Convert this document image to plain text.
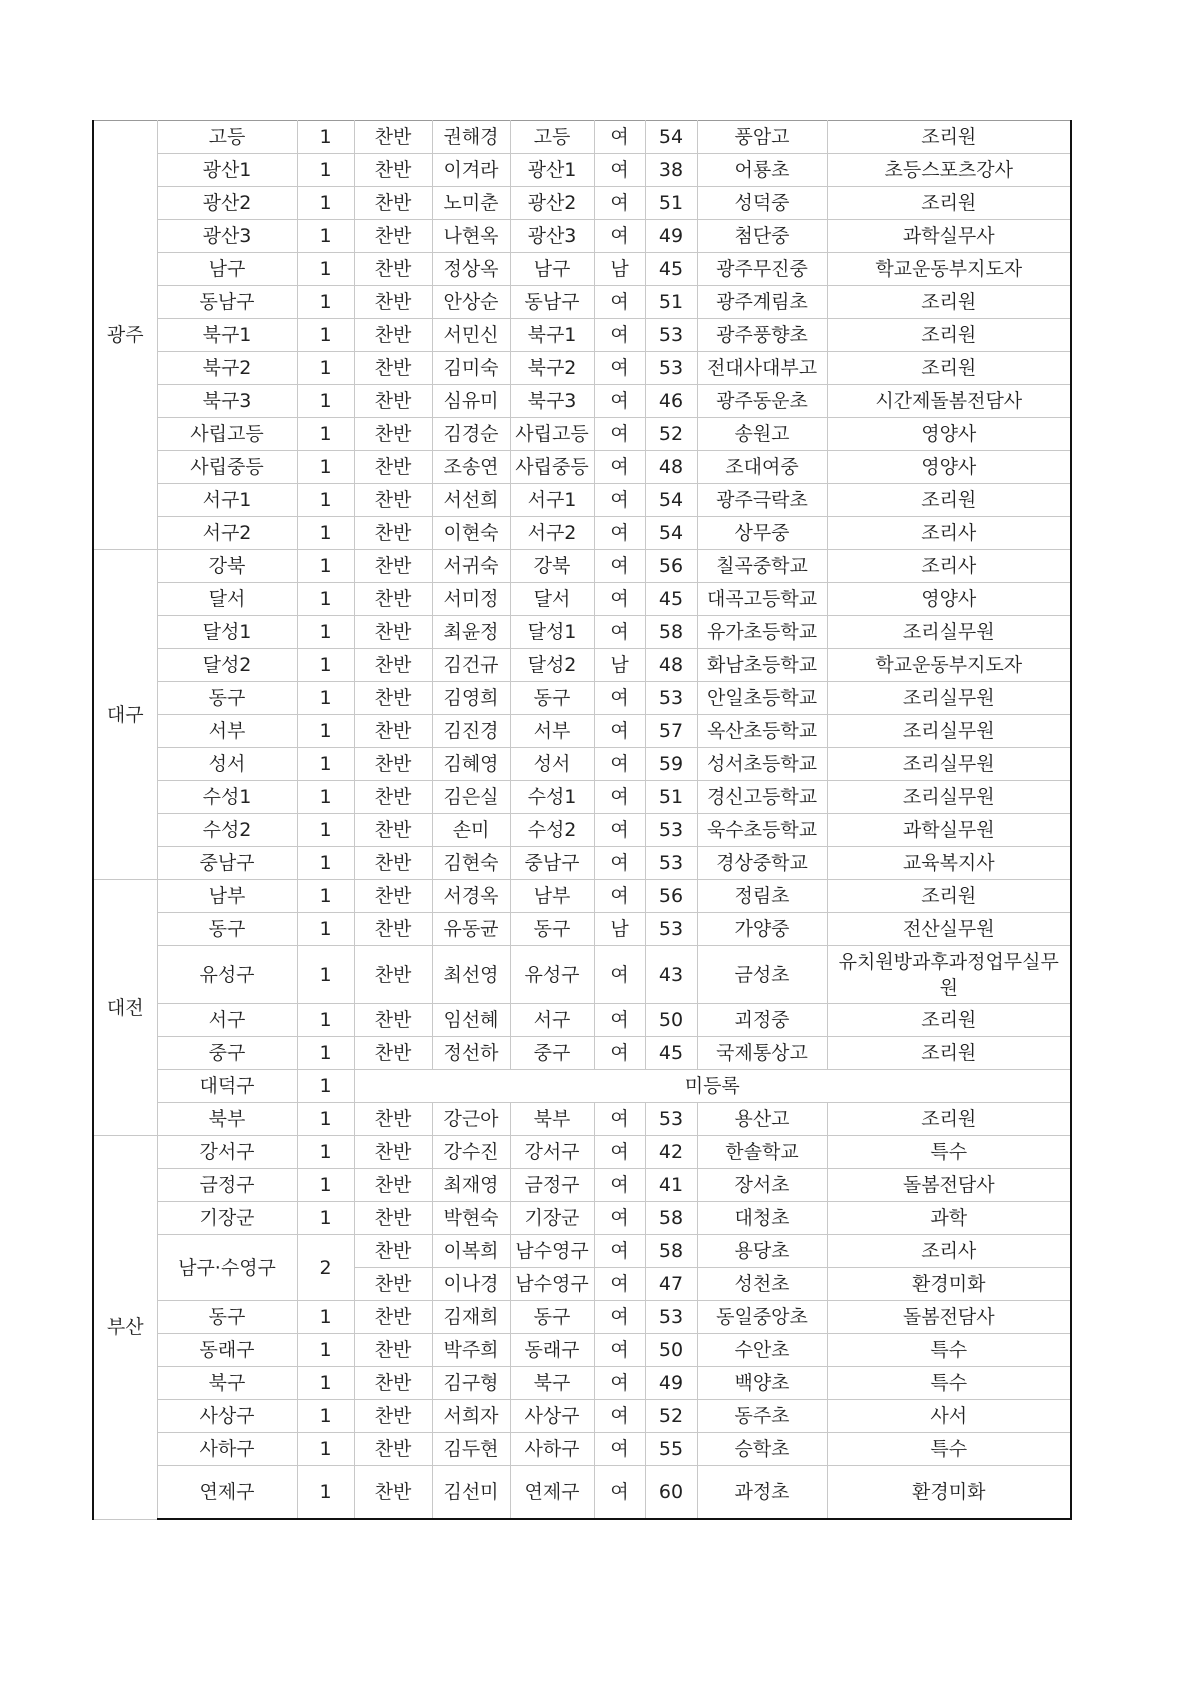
광주	고등	1	찬반	권해경	고등	여	54	풍암고	조리원
	광산1	1	찬반	이겨라	광산1	여	38	어룡초	초등스포츠강사
	광산2	1	찬반	노미춘	광산2	여	51	성덕중	조리원
	광산3	1	찬반	나현옥	광산3	여	49	첨단중	과학실무사
	남구	1	찬반	정상옥	남구	남	45	광주무진중	학교운동부지도자
	동남구	1	찬반	안상순	동남구	여	51	광주계림초	조리원
	북구1	1	찬반	서민신	북구1	여	53	광주풍향초	조리원
	북구2	1	찬반	김미숙	북구2	여	53	전대사대부고	조리원
	북구3	1	찬반	심유미	북구3	여	46	광주동운초	시간제돌봄전담사
	사립고등	1	찬반	김경순	사립고등	여	52	송원고	영양사
	사립중등	1	찬반	조송연	사립중등	여	48	조대여중	영양사
	서구1	1	찬반	서선희	서구1	여	54	광주극락초	조리원
	서구2	1	찬반	이현숙	서구2	여	54	상무중	조리사
대구	강북	1	찬반	서귀숙	강북	여	56	칠곡중학교	조리사
	달서	1	찬반	서미정	달서	여	45	대곡고등학교	영양사
	달성1	1	찬반	최윤정	달성1	여	58	유가초등학교	조리실무원
	달성2	1	찬반	김건규	달성2	남	48	화남초등학교	학교운동부지도자
	동구	1	찬반	김영희	동구	여	53	안일초등학교	조리실무원
	서부	1	찬반	김진경	서부	여	57	옥산초등학교	조리실무원
	성서	1	찬반	김혜영	성서	여	59	성서초등학교	조리실무원
	수성1	1	찬반	김은실	수성1	여	51	경신고등학교	조리실무원
	수성2	1	찬반	손미	수성2	여	53	욱수초등학교	과학실무원
	중남구	1	찬반	김현숙	중남구	여	53	경상중학교	교육복지사
대전	남부	1	찬반	서경옥	남부	여	56	정림초	조리원
	동구	1	찬반	유동균	동구	남	53	가양중	전산실무원
	유성구	1	찬반	최선영	유성구	여	43	금성초	유치원방과후과정업무실무원
	서구	1	찬반	임선혜	서구	여	50	괴정중	조리원
	중구	1	찬반	정선하	중구	여	45	국제통상고	조리원
	대덕구	1	미등록						
	북부	1	찬반	강근아	북부	여	53	용산고	조리원
부산	강서구	1	찬반	강수진	강서구	여	42	한솔학교	특수
	금정구	1	찬반	최재영	금정구	여	41	장서초	돌봄전담사
	기장군	1	찬반	박현숙	기장군	여	58	대청초	과학
	남구·수영구	2	찬반	이복희	남수영구	여	58	용당초	조리사
			찬반	이나경	남수영구	여	47	성천초	환경미화
	동구	1	찬반	김재희	동구	여	53	동일중앙초	돌봄전담사
	동래구	1	찬반	박주희	동래구	여	50	수안초	특수
	북구	1	찬반	김구형	북구	여	49	백양초	특수
	사상구	1	찬반	서희자	사상구	여	52	동주초	사서
	사하구	1	찬반	김두현	사하구	여	55	승학초	특수
	연제구	1	찬반	김선미	연제구	여	60	과정초	환경미화
